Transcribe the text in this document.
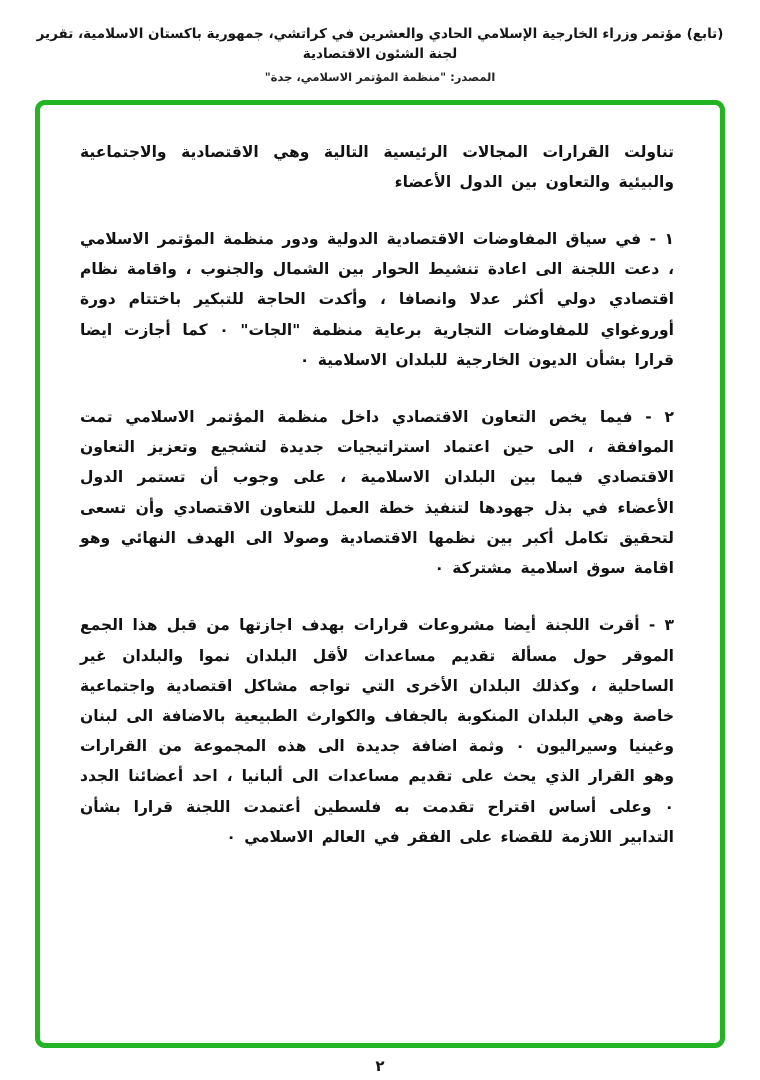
(تابع) مؤتمر وزراء الخارجية الإسلامي الحادي والعشرين في كراتشي، جمهورية باكستان الاسلامية، تقرير لجنة الشئون الاقتصادية
المصدر: "منظمة المؤتمر الاسلامي، جدة"

تناولت القرارات المجالات الرئيسية التالية وهي الاقتصادية والاجتماعية والبيئية والتعاون بين الدول الأعضاء

١ - في سياق المفاوضات الاقتصادية الدولية ودور منظمة المؤتمر الاسلامي ، دعت اللجنة الى اعادة تنشيط الحوار بين الشمال والجنوب ، واقامة نظام اقتصادي دولي أكثر عدلا وانصافا ، وأكدت الحاجة للتبكير باختتام دورة أوروغواي للمفاوضات التجارية برعاية منظمة "الجات" ٠ كما أجازت ايضا قرارا بشأن الديون الخارجية للبلدان الاسلامية ٠

٢ - فيما يخص التعاون الاقتصادي داخل منظمة المؤتمر الاسلامي تمت الموافقة ، الى حين اعتماد استراتيجيات جديدة لتشجيع وتعزيز التعاون الاقتصادي فيما بين البلدان الاسلامية ، على وجوب أن تستمر الدول الأعضاء في بذل جهودها لتنفيذ خطة العمل للتعاون الاقتصادي وأن تسعى لتحقيق تكامل أكبر بين نظمها الاقتصادية وصولا الى الهدف النهائي وهو اقامة سوق اسلامية مشتركة ٠

٣ - أقرت اللجنة أيضا مشروعات قرارات بهدف اجازتها من قبل هذا الجمع الموقر حول مسألة تقديم مساعدات لأقل البلدان نموا والبلدان غير الساحلية ، وكذلك البلدان الأخرى التي تواجه مشاكل اقتصادية واجتماعية خاصة وهي البلدان المنكوبة بالجفاف والكوارث الطبيعية بالاضافة الى لبنان وغينيا وسيراليون ٠ وثمة اضافة جديدة الى هذه المجموعة من القرارات وهو القرار الذي يحث على تقديم مساعدات الى ألبانيا ، احد أعضائنا الجدد ٠ وعلى أساس اقتراح تقدمت به فلسطين أعتمدت اللجنة قرارا بشأن التدابير اللازمة للقضاء على الفقر في العالم الاسلامي ٠

٢
